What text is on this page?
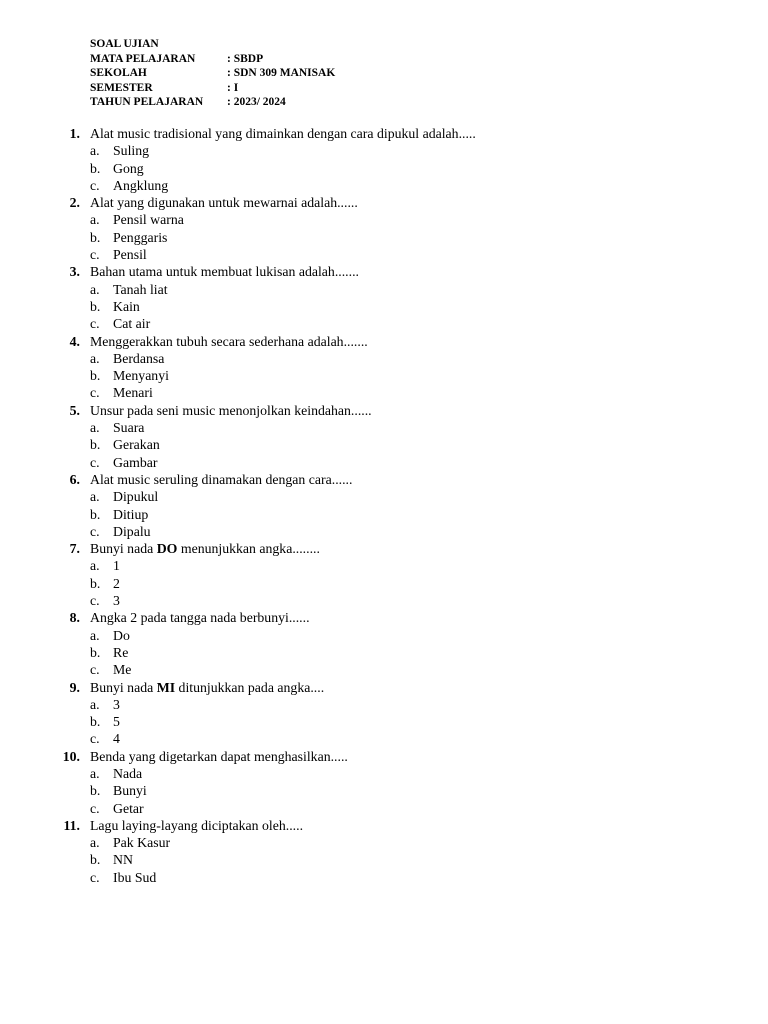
SOAL UJIAN
MATA PELAJARAN	: SBDP
SEKOLAH	: SDN 309 MANISAK
SEMESTER	: I
TAHUN PELAJARAN	: 2023/ 2024
1. Alat music tradisional yang dimainkan dengan cara dipukul adalah.....
a. Suling
b. Gong
c. Angklung
2. Alat yang digunakan untuk mewarnai adalah......
a. Pensil warna
b. Penggaris
c. Pensil
3. Bahan utama untuk membuat lukisan adalah.......
a. Tanah liat
b. Kain
c. Cat air
4. Menggerakkan tubuh secara sederhana adalah.......
a. Berdansa
b. Menyanyi
c. Menari
5. Unsur pada seni music menonjolkan keindahan......
a. Suara
b. Gerakan
c. Gambar
6. Alat music seruling dinamakan dengan cara......
a. Dipukul
b. Ditiup
c. Dipalu
7. Bunyi nada DO menunjukkan angka........
a. 1
b. 2
c. 3
8. Angka 2 pada tangga nada berbunyi......
a. Do
b. Re
c. Me
9. Bunyi nada MI ditunjukkan pada angka....
a. 3
b. 5
c. 4
10. Benda yang digetarkan dapat menghasilkan.....
a. Nada
b. Bunyi
c. Getar
11. Lagu laying-layang diciptakan oleh.....
a. Pak Kasur
b. NN
c. Ibu Sud
